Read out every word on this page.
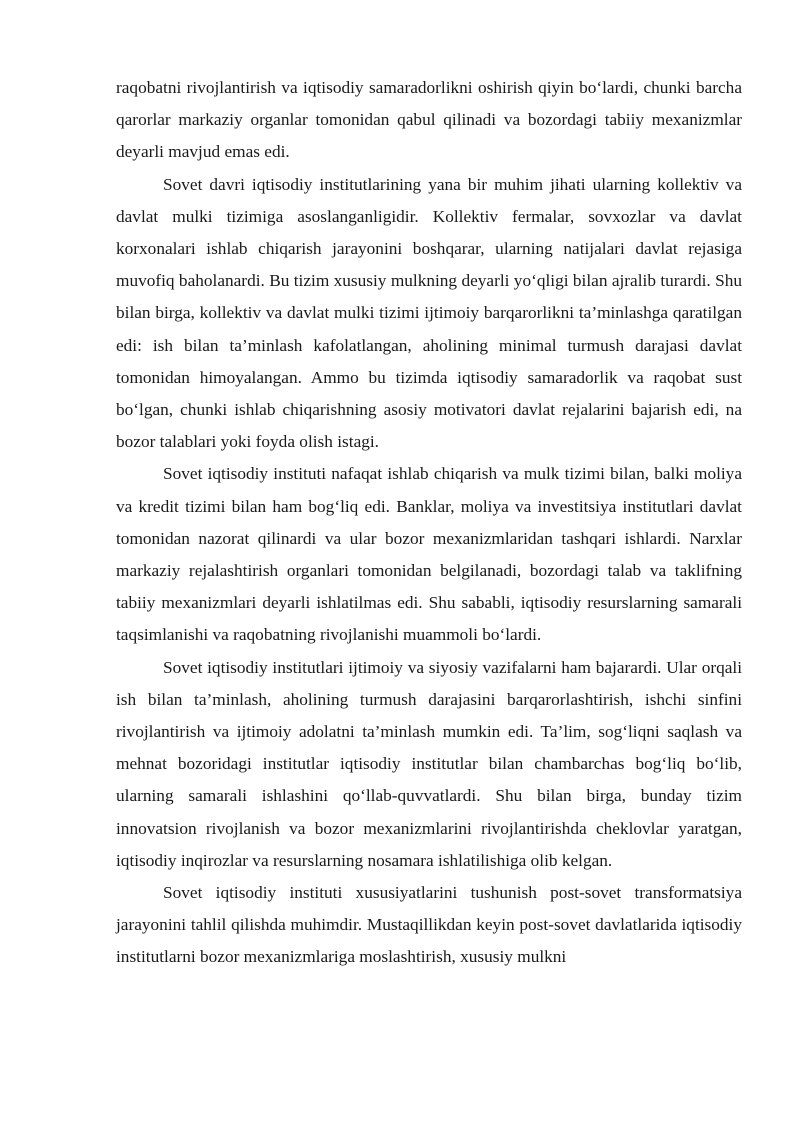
raqobatni rivojlantirish va iqtisodiy samaradorlikni oshirish qiyin bo‘lardi, chunki barcha qarorlar markaziy organlar tomonidan qabul qilinadi va bozordagi tabiiy mexanizmlar deyarli mavjud emas edi.

Sovet davri iqtisodiy institutlarining yana bir muhim jihati ularning kollektiv va davlat mulki tizimiga asoslanganligidir. Kollektiv fermalar, sovxozlar va davlat korxonalari ishlab chiqarish jarayonini boshqarar, ularning natijalari davlat rejasiga muvofiq baholanardi. Bu tizim xususiy mulkning deyarli yo‘qligi bilan ajralib turardi. Shu bilan birga, kollektiv va davlat mulki tizimi ijtimoiy barqarorlikni ta’minlashga qaratilgan edi: ish bilan ta’minlash kafolatlangan, aholining minimal turmush darajasi davlat tomonidan himoyalangan. Ammo bu tizimda iqtisodiy samaradorlik va raqobat sust bo‘lgan, chunki ishlab chiqarishning asosiy motivatori davlat rejalarini bajarish edi, na bozor talablari yoki foyda olish istagi.

Sovet iqtisodiy instituti nafaqat ishlab chiqarish va mulk tizimi bilan, balki moliya va kredit tizimi bilan ham bog‘liq edi. Banklar, moliya va investitsiya institutlari davlat tomonidan nazorat qilinardi va ular bozor mexanizmlaridan tashqari ishlardi. Narxlar markaziy rejalashtirish organlari tomonidan belgilanadi, bozordagi talab va taklifning tabiiy mexanizmlari deyarli ishlatilmas edi. Shu sababli, iqtisodiy resurslarning samarali taqsimlanishi va raqobatning rivojlanishi muammoli bo‘lardi.

Sovet iqtisodiy institutlari ijtimoiy va siyosiy vazifalarni ham bajarardi. Ular orqali ish bilan ta’minlash, aholining turmush darajasini barqarorlashtirish, ishchi sinfini rivojlantirish va ijtimoiy adolatni ta’minlash mumkin edi. Ta’lim, sog‘liqni saqlash va mehnat bozoridagi institutlar iqtisodiy institutlar bilan chambarchas bog‘liq bo‘lib, ularning samarali ishlashini qo‘llab-quvvatlardi. Shu bilan birga, bunday tizim innovatsion rivojlanish va bozor mexanizmlarini rivojlantirishda cheklovlar yaratgan, iqtisodiy inqirozlar va resurslarning nosamara ishlatilishiga olib kelgan.

Sovet iqtisodiy instituti xususiyatlarini tushunish post-sovet transformatsiya jarayonini tahlil qilishda muhimdir. Mustaqillikdan keyin post-sovet davlatlarida iqtisodiy institutlarni bozor mexanizmlariga moslashtirish, xususiy mulkni
